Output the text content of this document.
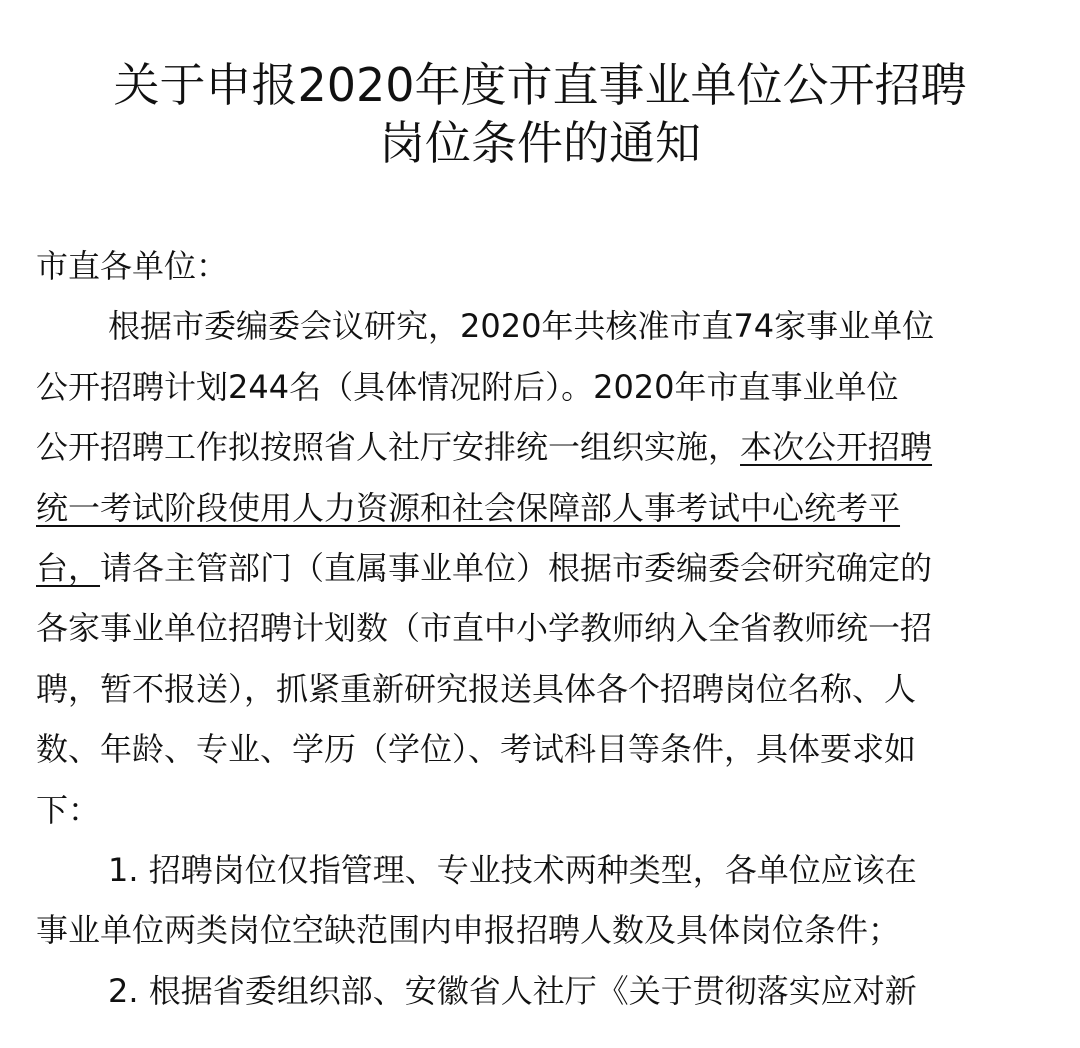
关于申报2020年度市直事业单位公开招聘
岗位条件的通知
市直各单位：
根据市委编委会议研究，2020年共核准市直74家事业单位
公开招聘计划244名（具体情况附后）。2020年市直事业单位
公开招聘工作拟按照省人社厅安排统一组织实施，本次公开招聘
统一考试阶段使用人力资源和社会保障部人事考试中心统考平
台，请各主管部门（直属事业单位）根据市委编委会研究确定的
各家事业单位招聘计划数（市直中小学教师纳入全省教师统一招
聘，暂不报送），抓紧重新研究报送具体各个招聘岗位名称、人
数、年龄、专业、学历（学位）、考试科目等条件，具体要求如
下：
1. 招聘岗位仅指管理、专业技术两种类型，各单位应该在
事业单位两类岗位空缺范围内申报招聘人数及具体岗位条件；
2. 根据省委组织部、安徽省人社厅《关于贯彻落实应对新
